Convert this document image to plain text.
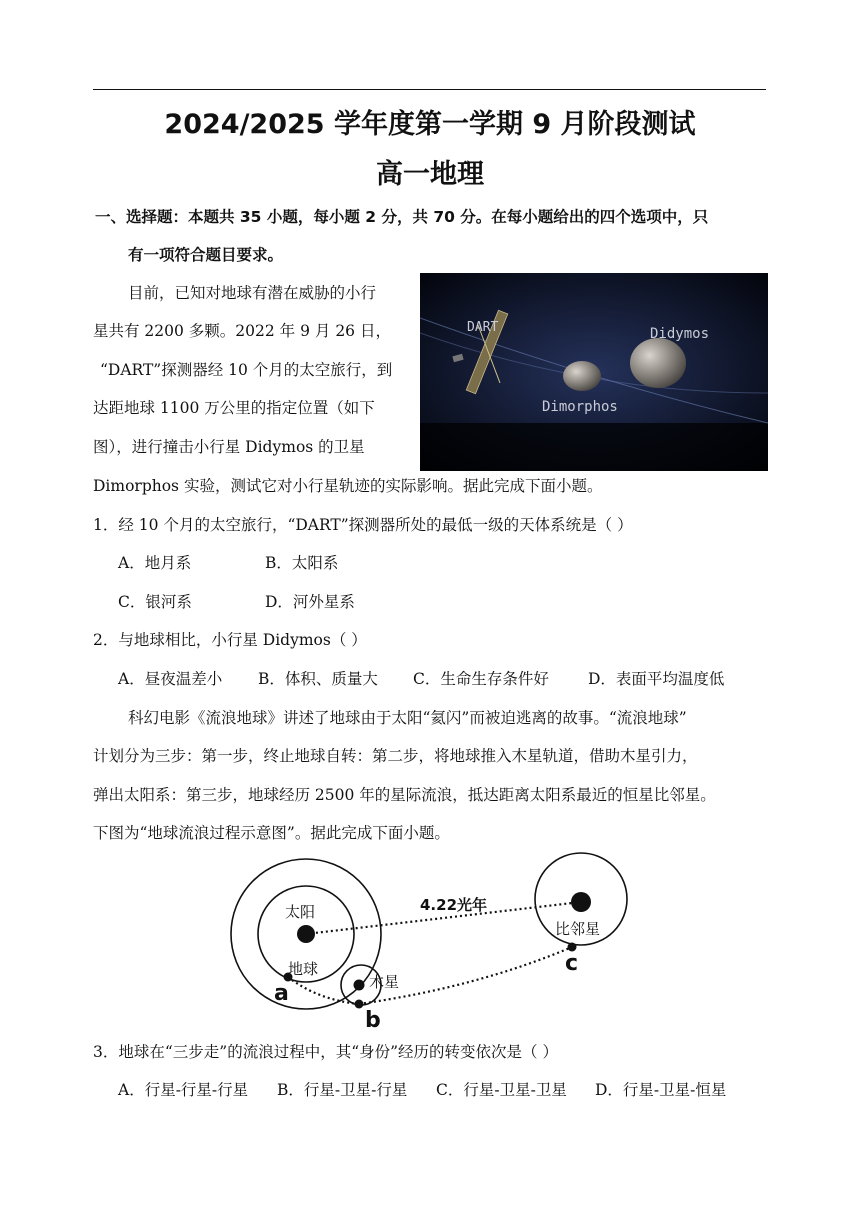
2024/2025 学年度第一学期 9 月阶段测试
高一地理
一、选择题：本题共 35 小题，每小题 2 分，共 70 分。在每小题给出的四个选项中，只
有一项符合题目要求。
目前，已知对地球有潜在威胁的小行
星共有 2200 多颗。2022 年 9 月 26 日，
“DART”探测器经 10 个月的太空旅行，到
达距地球 1100 万公里的指定位置（如下
图），进行撞击小行星 Didymos 的卫星
Dimorphos 实验，测试它对小行星轨迹的实际影响。据此完成下面小题。
DART	Didymos
Dimorphos
1．经 10 个月的太空旅行，“DART”探测器所处的最低一级的天体系统是（ ）
A．地月系	B．太阳系
C．银河系	D．河外星系
2．与地球相比，小行星 Didymos（ ）
A．昼夜温差小 B．体积、质量大 C．生命生存条件好	D．表面平均温度低
科幻电影《流浪地球》讲述了地球由于太阳“氦闪”而被迫逃离的故事。“流浪地球”
计划分为三步：第一步，终止地球自转：第二步，将地球推入木星轨道，借助木星引力，
弹出太阳系：第三步，地球经历 2500 年的星际流浪，抵达距离太阳系最近的恒星比邻星。
下图为“地球流浪过程示意图”。据此完成下面小题。
太阳
地球
木星
比邻星
4.22光年
a
b
c
3．地球在“三步走”的流浪过程中，其“身份”经历的转变依次是（ ）
A．行星-行星-行星 B．行星-卫星-行星 C．行星-卫星-卫星 D．行星-卫星-恒星
